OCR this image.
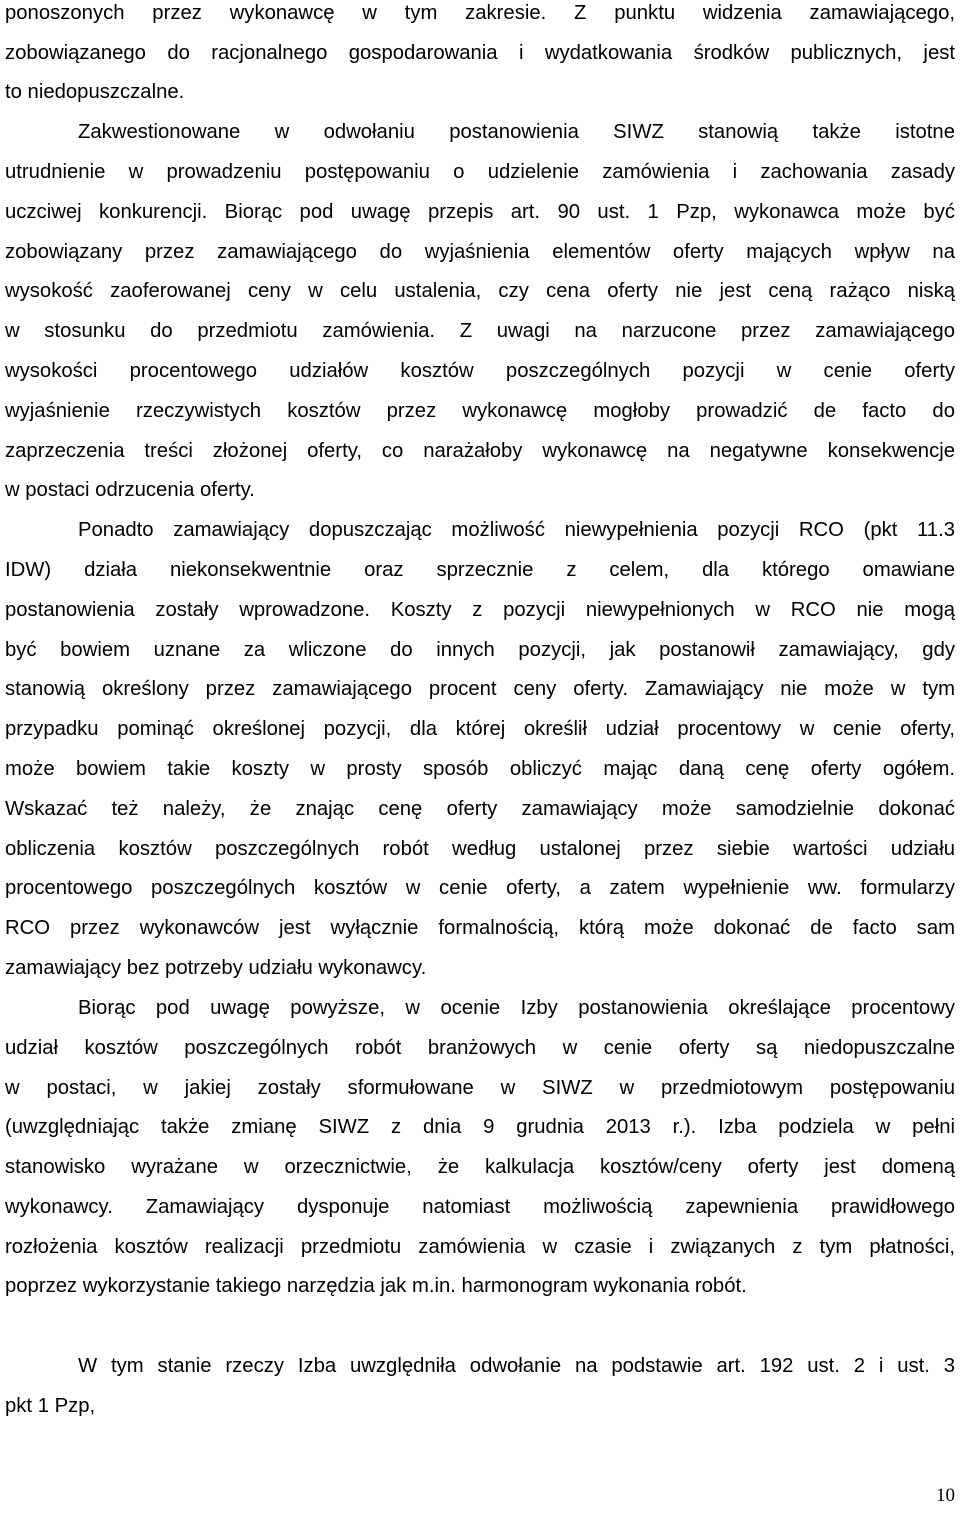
ponoszonych przez wykonawcę w tym zakresie. Z punktu widzenia zamawiającego,
zobowiązanego do racjonalnego gospodarowania i wydatkowania środków publicznych, jest
to niedopuszczalne.
Zakwestionowane w odwołaniu postanowienia SIWZ stanowią także istotne
utrudnienie w prowadzeniu postępowaniu o udzielenie zamówienia i zachowania zasady
uczciwej konkurencji. Biorąc pod uwagę przepis art. 90 ust. 1 Pzp, wykonawca może być
zobowiązany przez zamawiającego do wyjaśnienia elementów oferty mających wpływ na
wysokość zaoferowanej ceny w celu ustalenia, czy cena oferty nie jest ceną rażąco niską
w stosunku do przedmiotu zamówienia. Z uwagi na narzucone przez zamawiającego
wysokości procentowego udziałów kosztów poszczególnych pozycji w cenie oferty
wyjaśnienie rzeczywistych kosztów przez wykonawcę mogłoby prowadzić de facto do
zaprzeczenia treści złożonej oferty, co narażałoby wykonawcę na negatywne konsekwencje
w postaci odrzucenia oferty.
Ponadto zamawiający dopuszczając możliwość niewypełnienia pozycji RCO (pkt 11.3
IDW) działa niekonsekwentnie oraz sprzecznie z celem, dla którego omawiane
postanowienia zostały wprowadzone. Koszty z pozycji niewypełnionych w RCO nie mogą
być bowiem uznane za wliczone do innych pozycji, jak postanowił zamawiający, gdy
stanowią określony przez zamawiającego procent ceny oferty. Zamawiający nie może w tym
przypadku pominąć określonej pozycji, dla której określił udział procentowy w cenie oferty,
może bowiem takie koszty w prosty sposób obliczyć mając daną cenę oferty ogółem.
Wskazać też należy, że znając cenę oferty zamawiający może samodzielnie dokonać
obliczenia kosztów poszczególnych robót według ustalonej przez siebie wartości udziału
procentowego poszczególnych kosztów w cenie oferty, a zatem wypełnienie ww. formularzy
RCO przez wykonawców jest wyłącznie formalnością, którą może dokonać de facto sam
zamawiający bez potrzeby udziału wykonawcy.
Biorąc pod uwagę powyższe, w ocenie Izby postanowienia określające procentowy
udział kosztów poszczególnych robót branżowych w cenie oferty są niedopuszczalne
w postaci, w jakiej zostały sformułowane w SIWZ w przedmiotowym postępowaniu
(uwzględniając także zmianę SIWZ z dnia 9 grudnia 2013 r.). Izba podziela w pełni
stanowisko wyrażane w orzecznictwie, że kalkulacja kosztów/ceny oferty jest domeną
wykonawcy. Zamawiający dysponuje natomiast możliwością zapewnienia prawidłowego
rozłożenia kosztów realizacji przedmiotu zamówienia w czasie i związanych z tym płatności,
poprzez wykorzystanie takiego narzędzia jak m.in. harmonogram wykonania robót.
W tym stanie rzeczy Izba uwzględniła odwołanie na podstawie art. 192 ust. 2 i ust. 3
pkt 1 Pzp,
10
